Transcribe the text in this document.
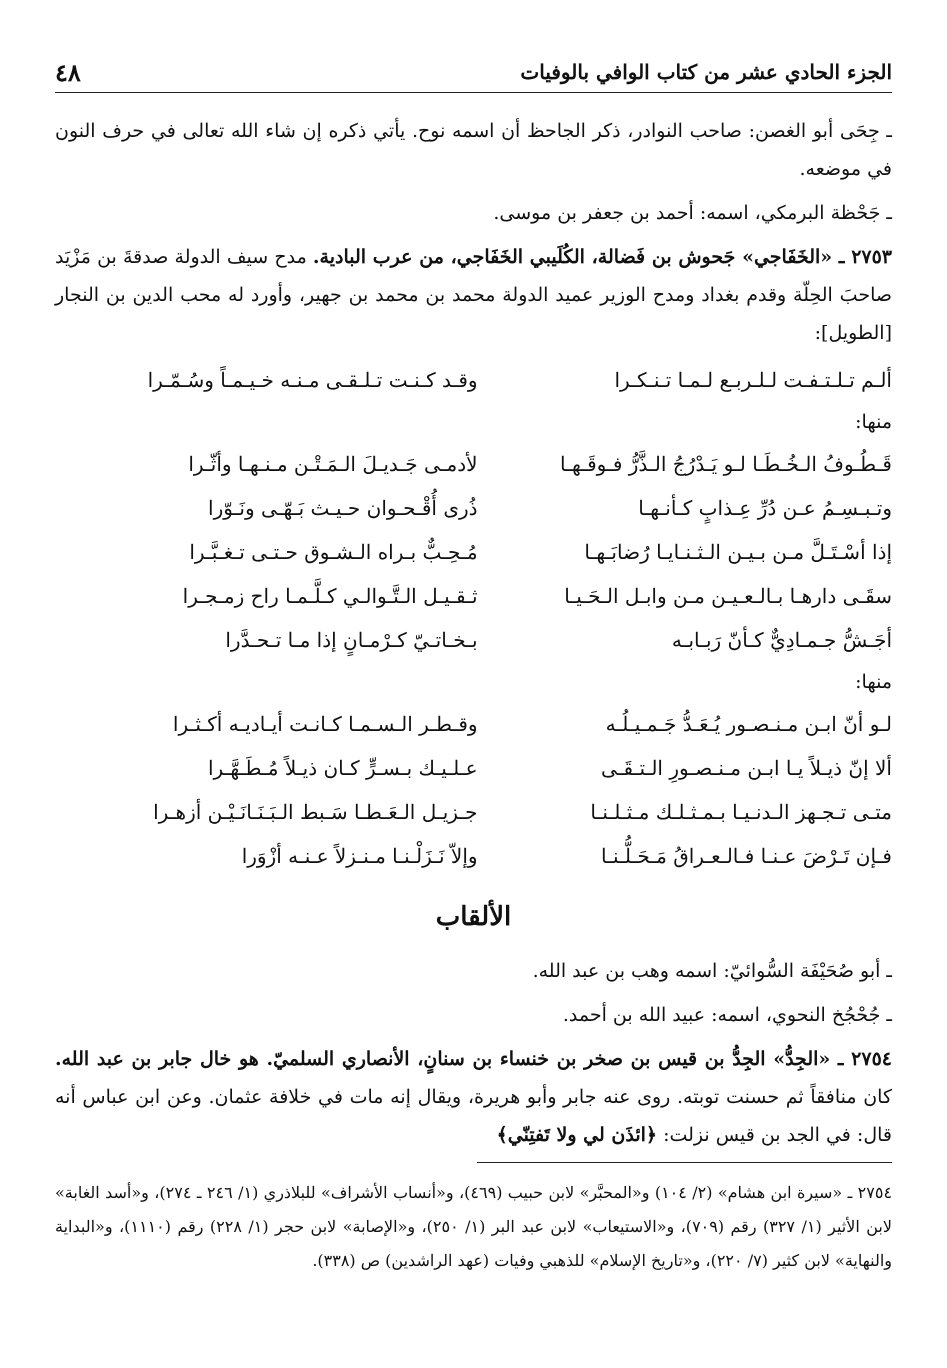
الجزء الحادي عشر من كتاب الوافي بالوفيات
٤٨

ـ جِحَى أبو الغصن: صاحب النوادر، ذكر الجاحظ أن اسمه نوح. يأتي ذكره إن شاء الله تعالى في حرف النون في موضعه.

ـ جَحْظة البرمكي، اسمه: أحمد بن جعفر بن موسى.

٢٧٥٣ ـ «الخَفَاجي» جَحوش بن فَضالة، الكُلَيبي الخَفَاجي، من عرب البادية. مدح سيف الدولة صدقةَ بن مَزْيَد صاحبَ الحِلّة وقدم بغداد ومدح الوزير عميد الدولة محمد بن محمد بن جهير، وأورد له محب الدين بن النجار [الطويل]:

ألـم تـلـتـفـت لـلـربـع لـمـا تـنـكـرا
وقـد كـنـت تـلـقـى مـنـه خـيـمـاً وسُـمّـرا
منها:
قَـطُـوفُ الـخُـطَـا لـو يَـدْرُجُ الـذَّرُّ فـوقَـهـا
لأدمـى جَـديـلَ الـمَـتْـن مـنـهـا وأثّـرا
وتـبـسِـمُ عـن دُرِّ عِـذابٍ كـأنـهـا
ذُرى أُقْـحـوان حـيـث بَـهّـى ونَـوّرا
إذا أسْـتَـلَّ مـن بـيـن الـثـنـايـا رُضابَـهـا
مُـحِـبٌّ بـراه الـشـوق حـتـى تـغـبَّـرا
سقَـى دارهـا بـالـعـيـن مـن وابـل الـحَـيـا
ثـقـيـل الـتَّـوالـي كـلَّـمـا راح زمـجـرا
أجَـشُّ جـمـادِيٌّ كـأنّ رَبـابـه
بـخـاتـيّ كـرْمـانٍ إذا مـا تـحـدَّرا
منها:
لـو أنّ ابـن مـنـصـور يُـعَـدُّ جَـمـيـلُـه
وقـطـر الـسـمـا كـانـت أيـاديـه أكـثـرا
ألا إنّ ذيـلاً يـا ابـن مـنـصـورِ الـتـقَـى
عـلـيـك بـسـرٍّ كـان ذيـلاً مُـطَـهَّـرا
متـى تـجـهز الـدنـيـا بـمـثـلـك مـثـلـنـا
جـزيـل الـعَـطـا سَـبط الـبَـنَـانَـيْـن أزهـرا
فـإن تَـرْضَ عـنـا فـالـعـراقُ مَـحَـلُّـنـا
وإلاّ نَـزَلْـنـا مـنـزلاً عـنـه أزْوَرا
الألقاب

ـ أبو صُحَيْفَة السُّوائيّ: اسمه وهب بن عبد الله.

ـ جُحْجُخ النحوي، اسمه: عبيد الله بن أحمد.

٢٧٥٤ ـ «الجِدُّ» الجِدُّ بن قيس بن صخر بن خنساء بن سنانٍ، الأنصاري السلميّ. هو خال جابر بن عبد الله. كان منافقاً ثم حسنت توبته. روى عنه جابر وأبو هريرة، ويقال إنه مات في خلافة عثمان. وعن ابن عباس أنه قال: في الجد بن قيس نزلت: ﴿ائذَن لي ولا تَفتِنّي﴾

٢٧٥٤ ـ «سيرة ابن هشام» (٢/ ١٠٤) و«المحبَّر» لابن حبيب (٤٦٩)، و«أنساب الأشراف» للبلاذري (١/ ٢٤٦ ـ ٢٧٤)، و«أسد الغابة» لابن الأثير (١/ ٣٢٧) رقم (٧٠٩)، و«الاستيعاب» لابن عبد البر (١/ ٢٥٠)، و«الإصابة» لابن حجر (١/ ٢٢٨) رقم (١١١٠)، و«البداية والنهاية» لابن كثير (٧/ ٢٢٠)، و«تاريخ الإسلام» للذهبي وفيات (عهد الراشدين) ص (٣٣٨).
